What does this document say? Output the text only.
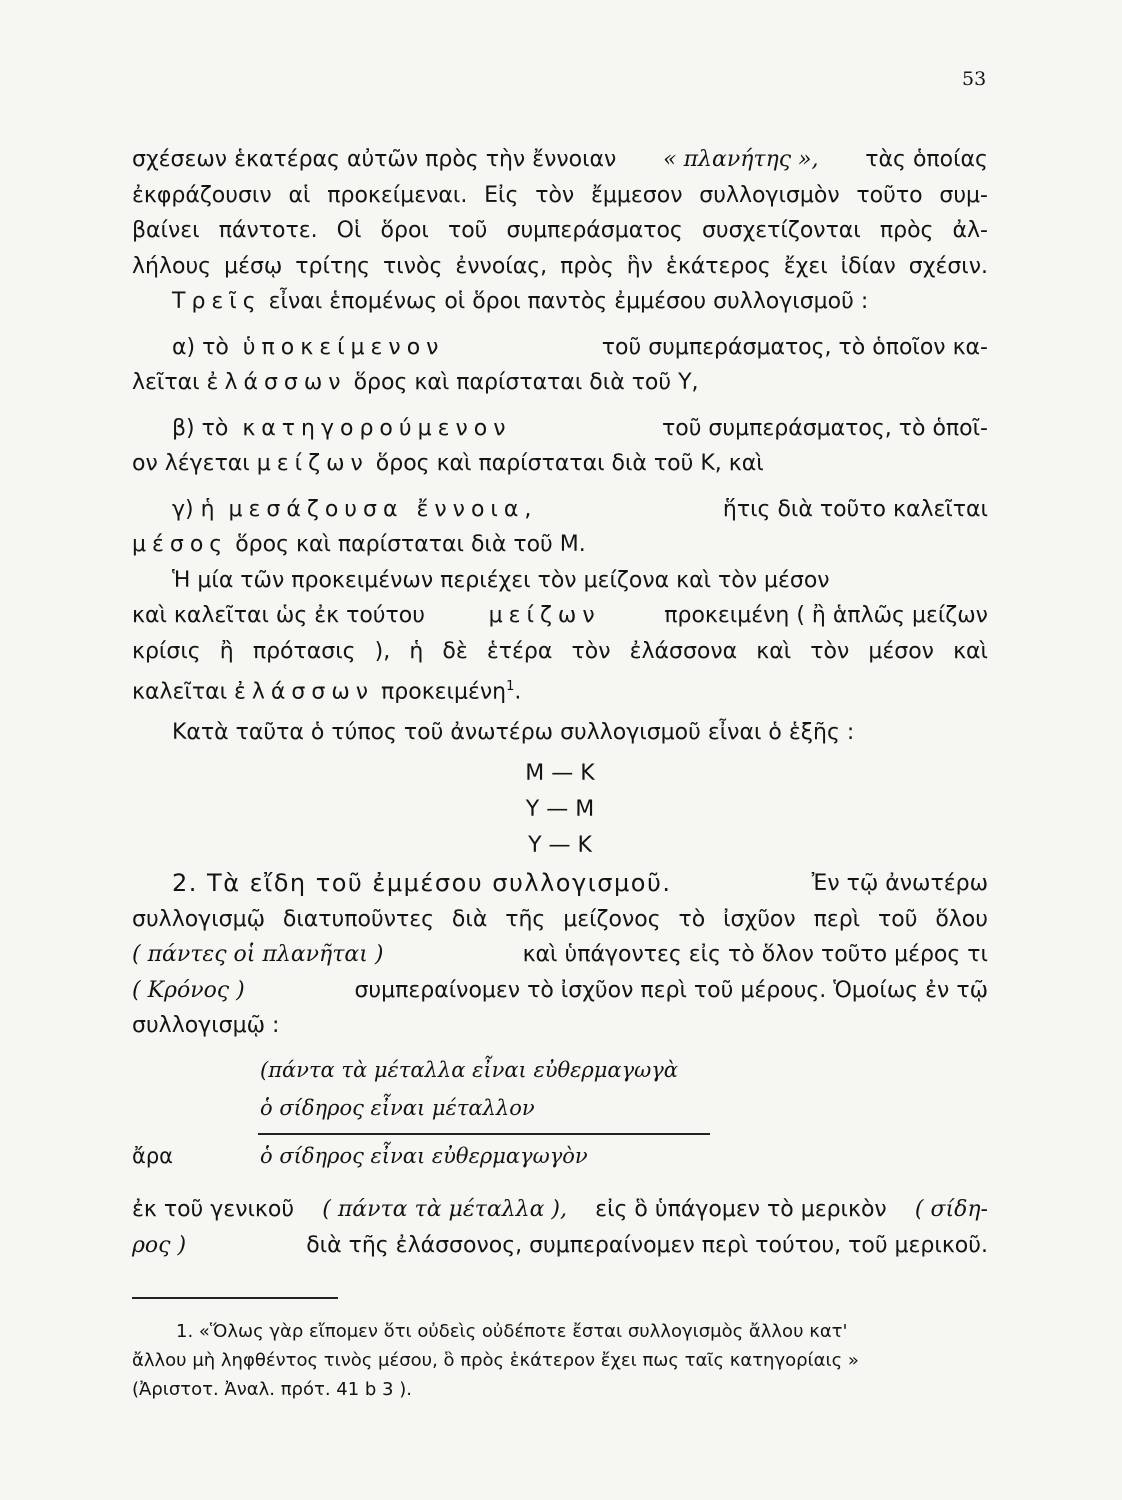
53
σχέσεων ἑκατέρας αὐτῶν πρὸς τὴν ἔννοιαν « πλανήτης », τὰς ὁποίας
ἐκφράζουσιν αἱ προκείμεναι. Εἰς τὸν ἔμμεσον συλλογισμὸν τοῦτο συμ-
βαίνει πάντοτε. Οἱ ὅροι τοῦ συμπεράσματος συσχετίζονται πρὸς ἀλ-
λήλους μέσῳ τρίτης τινὸς ἐννοίας, πρὸς ἣν ἑκάτερος ἔχει ἰδίαν σχέσιν.
Τρεῖς εἶναι ἑπομένως οἱ ὅροι παντὸς ἐμμέσου συλλογισμοῦ :
α) τὸ ὑποκείμενον	τοῦ συμπεράσματος, τὸ ὁποῖον κα-
λεῖται ἐλάσσων ὅρος καὶ παρίσταται διὰ τοῦ Υ,
β) τὸ κατηγορούμενον	τοῦ συμπεράσματος, τὸ ὁποῖ-
ον λέγεται μείζων ὅρος καὶ παρίσταται διὰ τοῦ Κ, καὶ
γ) ἡ μεσάζουσα ἔννοια,	ἥτις διὰ τοῦτο καλεῖται
μέσος ὅρος καὶ παρίσταται διὰ τοῦ Μ.
Ἡ μία τῶν προκειμένων περιέχει τὸν μείζονα καὶ τὸν μέσον
καὶ καλεῖται ὡς ἐκ τούτου	μείζων	προκειμένη ( ἢ ἁπλῶς μείζων
κρίσις ἢ πρότασις ), ἡ δὲ ἑτέρα τὸν ἐλάσσονα καὶ τὸν μέσον καὶ
καλεῖται ἐλάσσων προκειμένη$^1$.
Κατὰ ταῦτα ὁ τύπος τοῦ ἀνωτέρω συλλογισμοῦ εἶναι ὁ ἑξῆς :
Μ — Κ
Υ — Μ
Υ — Κ
2. Τὰ εἴδη τοῦ ἐμμέσου συλλογισμοῦ.	Ἐν τῷ ἀνωτέρω
συλλογισμῷ διατυποῦντες διὰ τῆς μείζονος τὸ ἰσχῦον περὶ τοῦ ὅλου
( πάντες οἱ πλανῆται )	καὶ ὑπάγοντες εἰς τὸ ὅλον τοῦτο μέρος τι
( Κρόνος )	συμπεραίνομεν τὸ ἰσχῦον περὶ τοῦ μέρους. Ὁμοίως ἐν τῷ
συλλογισμῷ :
(πάντα τὰ μέταλλα εἶναι εὐθερμαγωγὰ
ὁ σίδηρος εἶναι μέταλλον
ἄρα	ὁ σίδηρος εἶναι εὐθερμαγωγὸν
ἐκ τοῦ γενικοῦ ( πάντα τὰ μέταλλα ), εἰς ὃ ὑπάγομεν τὸ μερικὸν ( σίδη-
ρος )	διὰ τῆς ἐλάσσονος, συμπεραίνομεν περὶ τούτου, τοῦ μερικοῦ.
1. «Ὅλως γὰρ εἴπομεν ὅτι οὐδεὶς οὐδέποτε ἔσται συλλογισμὸς ἄλλου κατ'
ἄλλου μὴ ληφθέντος τινὸς μέσου, ὃ πρὸς ἑκάτερον ἔχει πως ταῖς κατηγορίαις »
(Ἀριστοτ. Ἀναλ. πρότ. 41 b 3 ).
